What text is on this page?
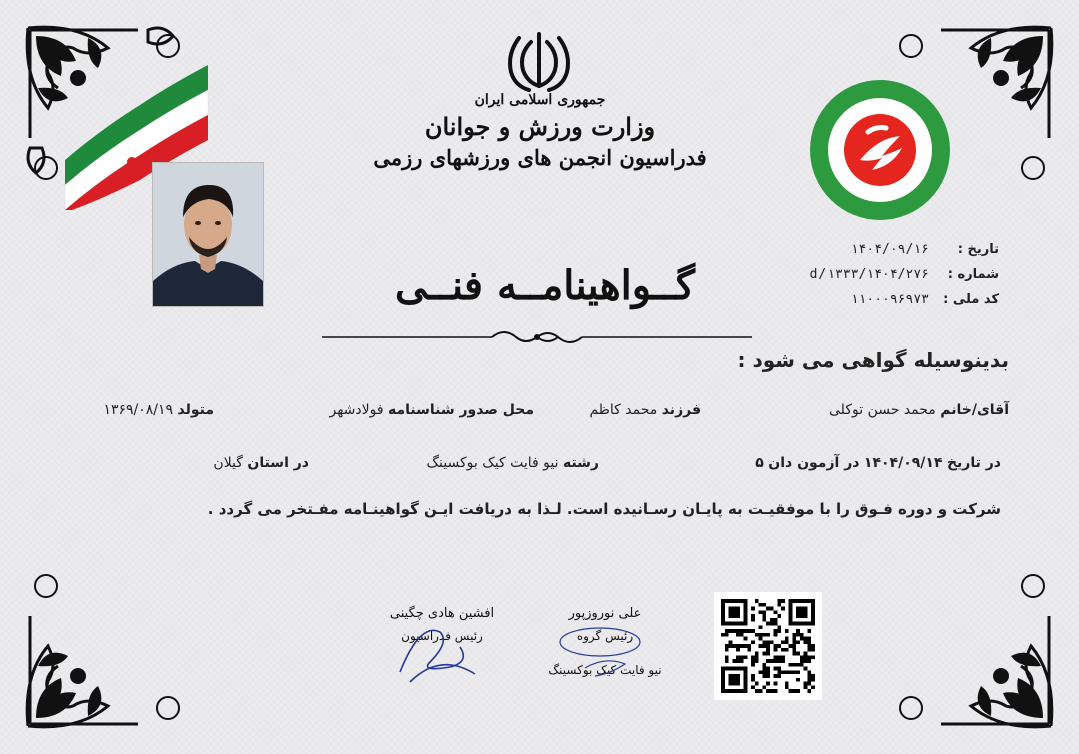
جمهوری اسلامی ایران
وزارت ورزش و جوانان
فدراسیون انجمن های ورزشهای رزمی
گــواهینامــه فنــی
تاریخ :
۱۴۰۴/۰۹/۱۶
شماره :
۱۴۰۴/۲۷۶/d/۱۳۳۳
کد ملی :
۱۱۰۰۰۹۶۹۷۳
بدینوسیله گواهی می شود :
آقای/خانم محمد حسن توکلی
فرزند محمد کاظم
محل صدور شناسنامه فولادشهر
متولد ۱۳۶۹/۰۸/۱۹
در تاریخ ۱۴۰۴/۰۹/۱۴ در آزمون دان ۵
رشته نیو فایت کیک بوکسینگ
در استان گیلان
شرکت و دوره فـوق را با موفقیـت به پایـان رسـانیده است. لـذا به دریافت ایـن گواهینـامه مفـتخر می گردد .
افشین هادی چگینی
رئیس فدراسیون
علی نوروزپور
رئیس گروه
نیو فایت کیک بوکسینگ
